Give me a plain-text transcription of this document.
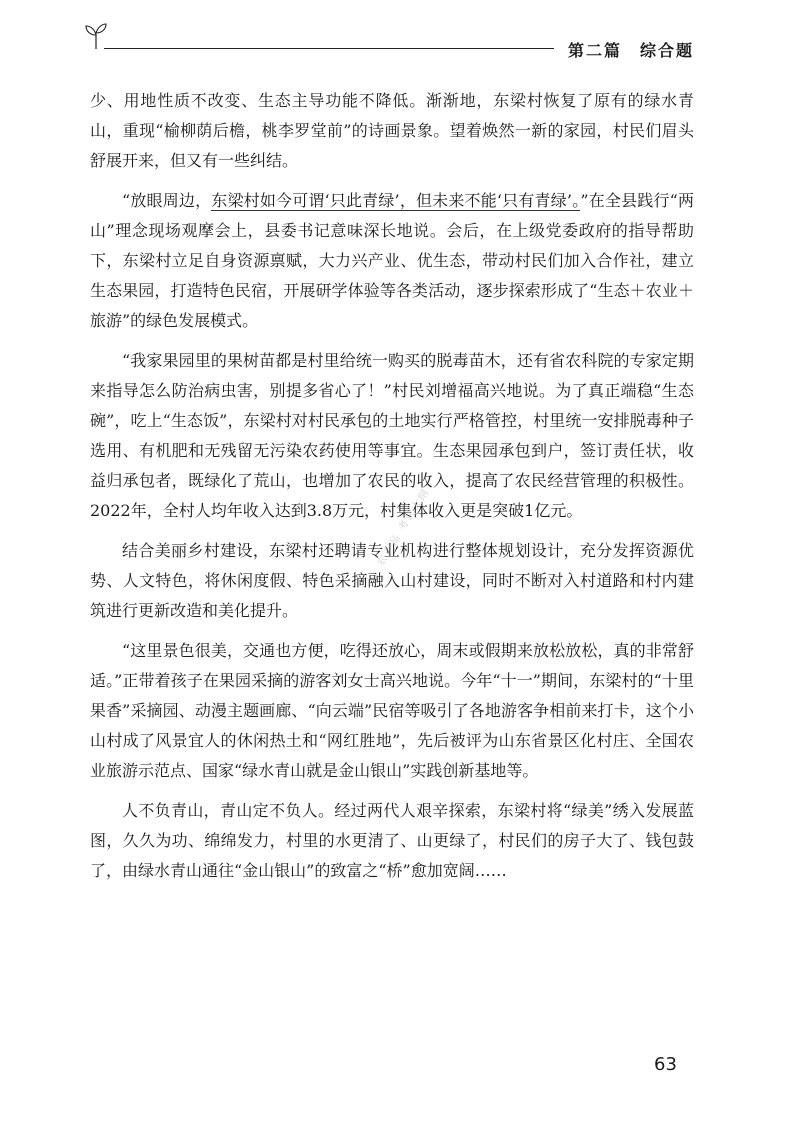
第二篇 综合题

少、用地性质不改变、生态主导功能不降低。渐渐地，东梁村恢复了原有的绿水青山，重现“榆柳荫后檐，桃李罗堂前”的诗画景象。望着焕然一新的家园，村民们眉头舒展开来，但又有一些纠结。

“放眼周边，东梁村如今可谓‘只此青绿’，但未来不能‘只有青绿’。”在全县践行“两山”理念现场观摩会上，县委书记意味深长地说。会后，在上级党委政府的指导帮助下，东梁村立足自身资源禀赋，大力兴产业、优生态，带动村民们加入合作社，建立生态果园，打造特色民宿，开展研学体验等各类活动，逐步探索形成了“生态＋农业＋旅游”的绿色发展模式。

“我家果园里的果树苗都是村里给统一购买的脱毒苗木，还有省农科院的专家定期来指导怎么防治病虫害，别提多省心了！”村民刘增福高兴地说。为了真正端稳“生态碗”，吃上“生态饭”，东梁村对村民承包的土地实行严格管控，村里统一安排脱毒种子选用、有机肥和无残留无污染农药使用等事宜。生态果园承包到户，签订责任状，收益归承包者，既绿化了荒山，也增加了农民的收入，提高了农民经营管理的积极性。2022年，全村人均年收入达到3.8万元，村集体收入更是突破1亿元。

结合美丽乡村建设，东梁村还聘请专业机构进行整体规划设计，充分发挥资源优势、人文特色，将休闲度假、特色采摘融入山村建设，同时不断对入村道路和村内建筑进行更新改造和美化提升。

“这里景色很美，交通也方便，吃得还放心，周末或假期来放松放松，真的非常舒适。”正带着孩子在果园采摘的游客刘女士高兴地说。今年“十一”期间，东梁村的“十里果香”采摘园、动漫主题画廊、“向云端”民宿等吸引了各地游客争相前来打卡，这个小山村成了风景宜人的休闲热土和“网红胜地”，先后被评为山东省景区化村庄、全国农业旅游示范点、国家“绿水青山就是金山银山”实践创新基地等。

人不负青山，青山定不负人。经过两代人艰辛探索，东梁村将“绿美”绣入发展蓝图，久久为功、绵绵发力，村里的水更清了、山更绿了，村民们的房子大了、钱包鼓了，由绿水青山通往“金山银山”的致富之“桥”愈加宽阔……

农产品 考试大纲
63
